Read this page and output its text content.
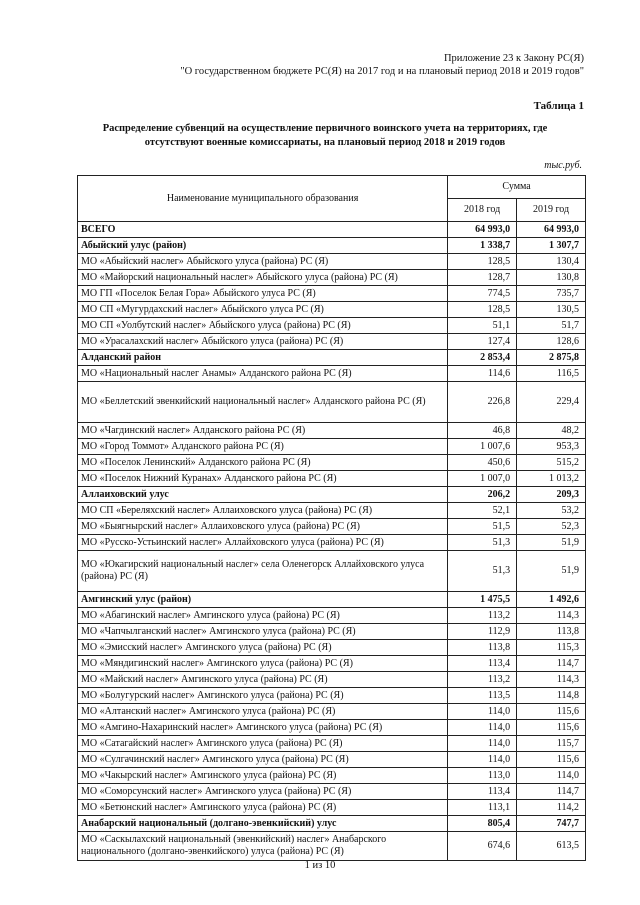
Приложение 23 к Закону РС(Я)
"О государственном бюджете РС(Я) на 2017 год и на плановый период 2018 и 2019 годов"
Таблица 1
Распределение субвенций на осуществление первичного воинского учета на территориях, где отсутствуют военные комиссариаты, на плановый период 2018 и 2019 годов
тыс.руб.
Наименование муниципального образования	Сумма	
	2018 год	2019 год
ВСЕГО	64 993,0	64 993,0
Абыйский улус (район)	1 338,7	1 307,7
МО «Абыйский наслег» Абыйского улуса (района) РС (Я)	128,5	130,4
МО «Майорский национальный наслег» Абыйского улуса (района) РС (Я)	128,7	130,8
МО ГП «Поселок Белая Гора» Абыйского улуса РС (Я)	774,5	735,7
МО СП «Мугурдахский наслег» Абыйского улуса РС (Я)	128,5	130,5
МО СП «Уолбутский наслег» Абыйского улуса (района) РС (Я)	51,1	51,7
МО «Урасалахский наслег» Абыйского улуса (района) РС (Я)	127,4	128,6
Алданский район	2 853,4	2 875,8
МО «Национальный наслег Анамы» Алданского района РС (Я)	114,6	116,5
МО «Беллетский эвенкийский национальный наслег» Алданского района РС (Я)	226,8	229,4
МО «Чагдинский наслег» Алданского района РС (Я)	46,8	48,2
МО «Город Томмот» Алданского района РС (Я)	1 007,6	953,3
МО «Поселок Ленинский» Алданского района РС (Я)	450,6	515,2
МО «Поселок Нижний Куранах» Алданского района РС (Я)	1 007,0	1 013,2
Аллаиховский улус	206,2	209,3
МО СП «Береляхский наслег» Аллаиховского улуса (района) РС (Я)	52,1	53,2
МО «Быягнырский наслег» Аллаиховского улуса (района) РС (Я)	51,5	52,3
МО «Русско-Устьинский наслег» Аллайховского улуса (района) РС (Я)	51,3	51,9
МО «Юкагирский национальный наслег» села Оленегорск Аллайховского улуса (района) РС (Я)	51,3	51,9
Амгинский улус (район)	1 475,5	1 492,6
МО «Абагинский наслег» Амгинского улуса (района) РС (Я)	113,2	114,3
МО «Чапчылганский наслег» Амгинского улуса (района) РС (Я)	112,9	113,8
МО «Эмисский наслег» Амгинского улуса (района) РС (Я)	113,8	115,3
МО «Мяндигинский наслег» Амгинского улуса (района) РС (Я)	113,4	114,7
МО «Майский наслег» Амгинского улуса (района) РС (Я)	113,2	114,3
МО «Болугурский наслег» Амгинского улуса (района) РС (Я)	113,5	114,8
МО «Алтанский наслег» Амгинского улуса (района) РС (Я)	114,0	115,6
МО «Амгино-Нахаринский наслег» Амгинского улуса (района) РС (Я)	114,0	115,6
МО «Сатагайский наслег» Амгинского улуса (района) РС (Я)	114,0	115,7
МО «Сулгачинский наслег» Амгинского улуса (района) РС (Я)	114,0	115,6
МО «Чакырский наслег» Амгинского улуса (района) РС (Я)	113,0	114,0
МО «Соморсунский наслег» Амгинского улуса (района) РС (Я)	113,4	114,7
МО «Бетюнский наслег» Амгинского улуса (района) РС (Я)	113,1	114,2
Анабарский национальный (долгано-эвенкийский) улус	805,4	747,7
МО «Саскылахский национальный (эвенкийский) наслег» Анабарского национального (долгано-эвенкийского) улуса (района) РС (Я)	674,6	613,5
1 из 10
